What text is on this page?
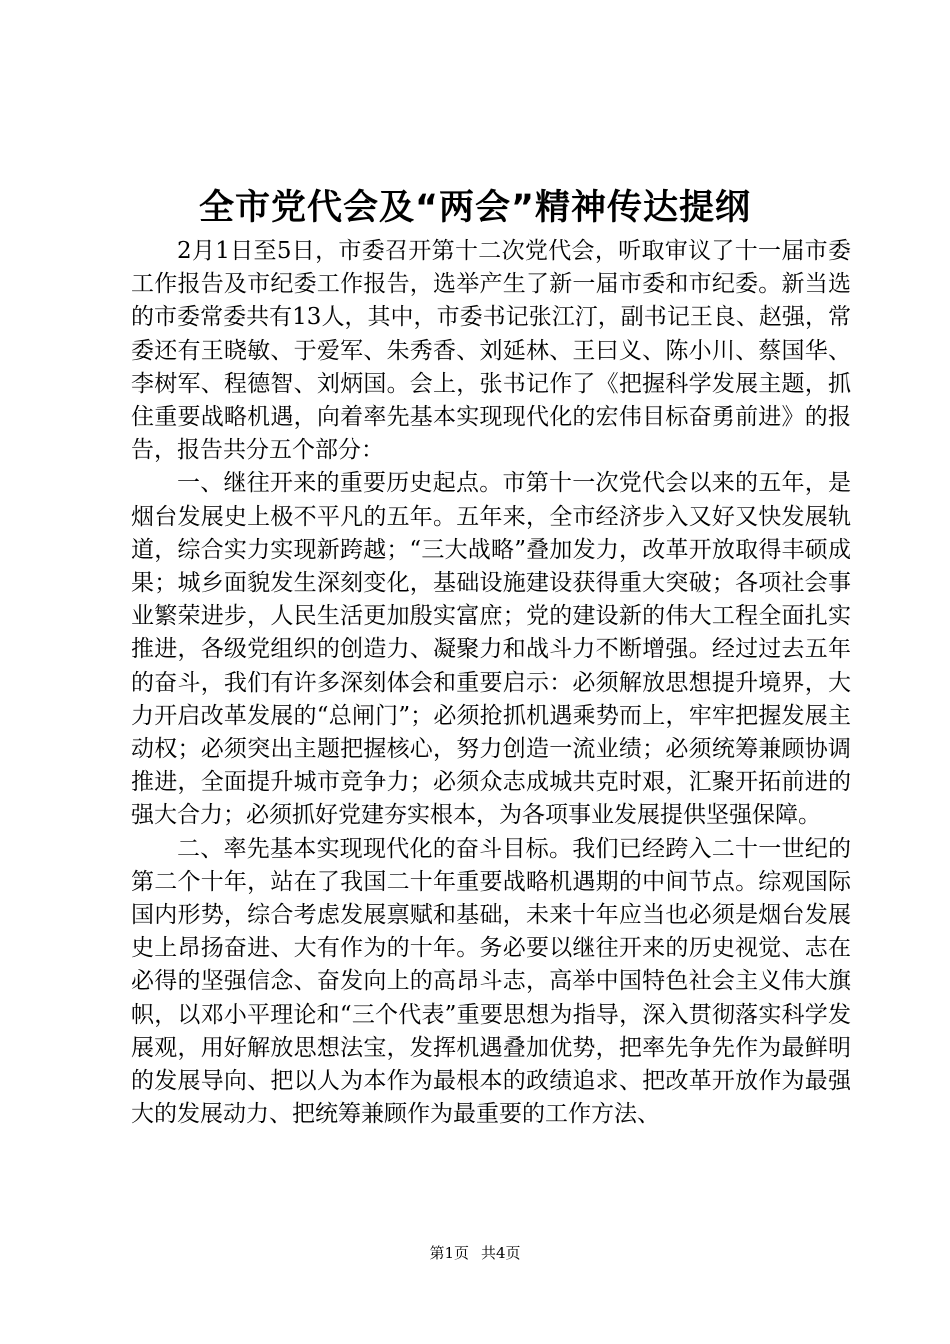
全市党代会及“两会”精神传达提纲

2月1日至5日，市委召开第十二次党代会，听取审议了十一届市委工作报告及市纪委工作报告，选举产生了新一届市委和市纪委。新当选的市委常委共有13人，其中，市委书记张江汀，副书记王良、赵强，常委还有王晓敏、于爱军、朱秀香、刘延林、王曰义、陈小川、蔡国华、李树军、程德智、刘炳国。会上，张书记作了《把握科学发展主题，抓住重要战略机遇，向着率先基本实现现代化的宏伟目标奋勇前进》的报告，报告共分五个部分：

一、继往开来的重要历史起点。市第十一次党代会以来的五年，是烟台发展史上极不平凡的五年。五年来，全市经济步入又好又快发展轨道，综合实力实现新跨越；“三大战略”叠加发力，改革开放取得丰硕成果；城乡面貌发生深刻变化，基础设施建设获得重大突破；各项社会事业繁荣进步，人民生活更加殷实富庶；党的建设新的伟大工程全面扎实推进，各级党组织的创造力、凝聚力和战斗力不断增强。经过过去五年的奋斗，我们有许多深刻体会和重要启示：必须解放思想提升境界，大力开启改革发展的“总闸门”；必须抢抓机遇乘势而上，牢牢把握发展主动权；必须突出主题把握核心，努力创造一流业绩；必须统筹兼顾协调推进，全面提升城市竞争力；必须众志成城共克时艰，汇聚开拓前进的强大合力；必须抓好党建夯实根本，为各项事业发展提供坚强保障。

二、率先基本实现现代化的奋斗目标。我们已经跨入二十一世纪的第二个十年，站在了我国二十年重要战略机遇期的中间节点。综观国际国内形势，综合考虑发展禀赋和基础，未来十年应当也必须是烟台发展史上昂扬奋进、大有作为的十年。务必要以继往开来的历史视觉、志在必得的坚强信念、奋发向上的高昂斗志，高举中国特色社会主义伟大旗帜，以邓小平理论和“三个代表”重要思想为指导，深入贯彻落实科学发展观，用好解放思想法宝，发挥机遇叠加优势，把率先争先作为最鲜明的发展导向、把以人为本作为最根本的政绩追求、把改革开放作为最强大的发展动力、把统筹兼顾作为最重要的工作方法、

第1页 共4页
